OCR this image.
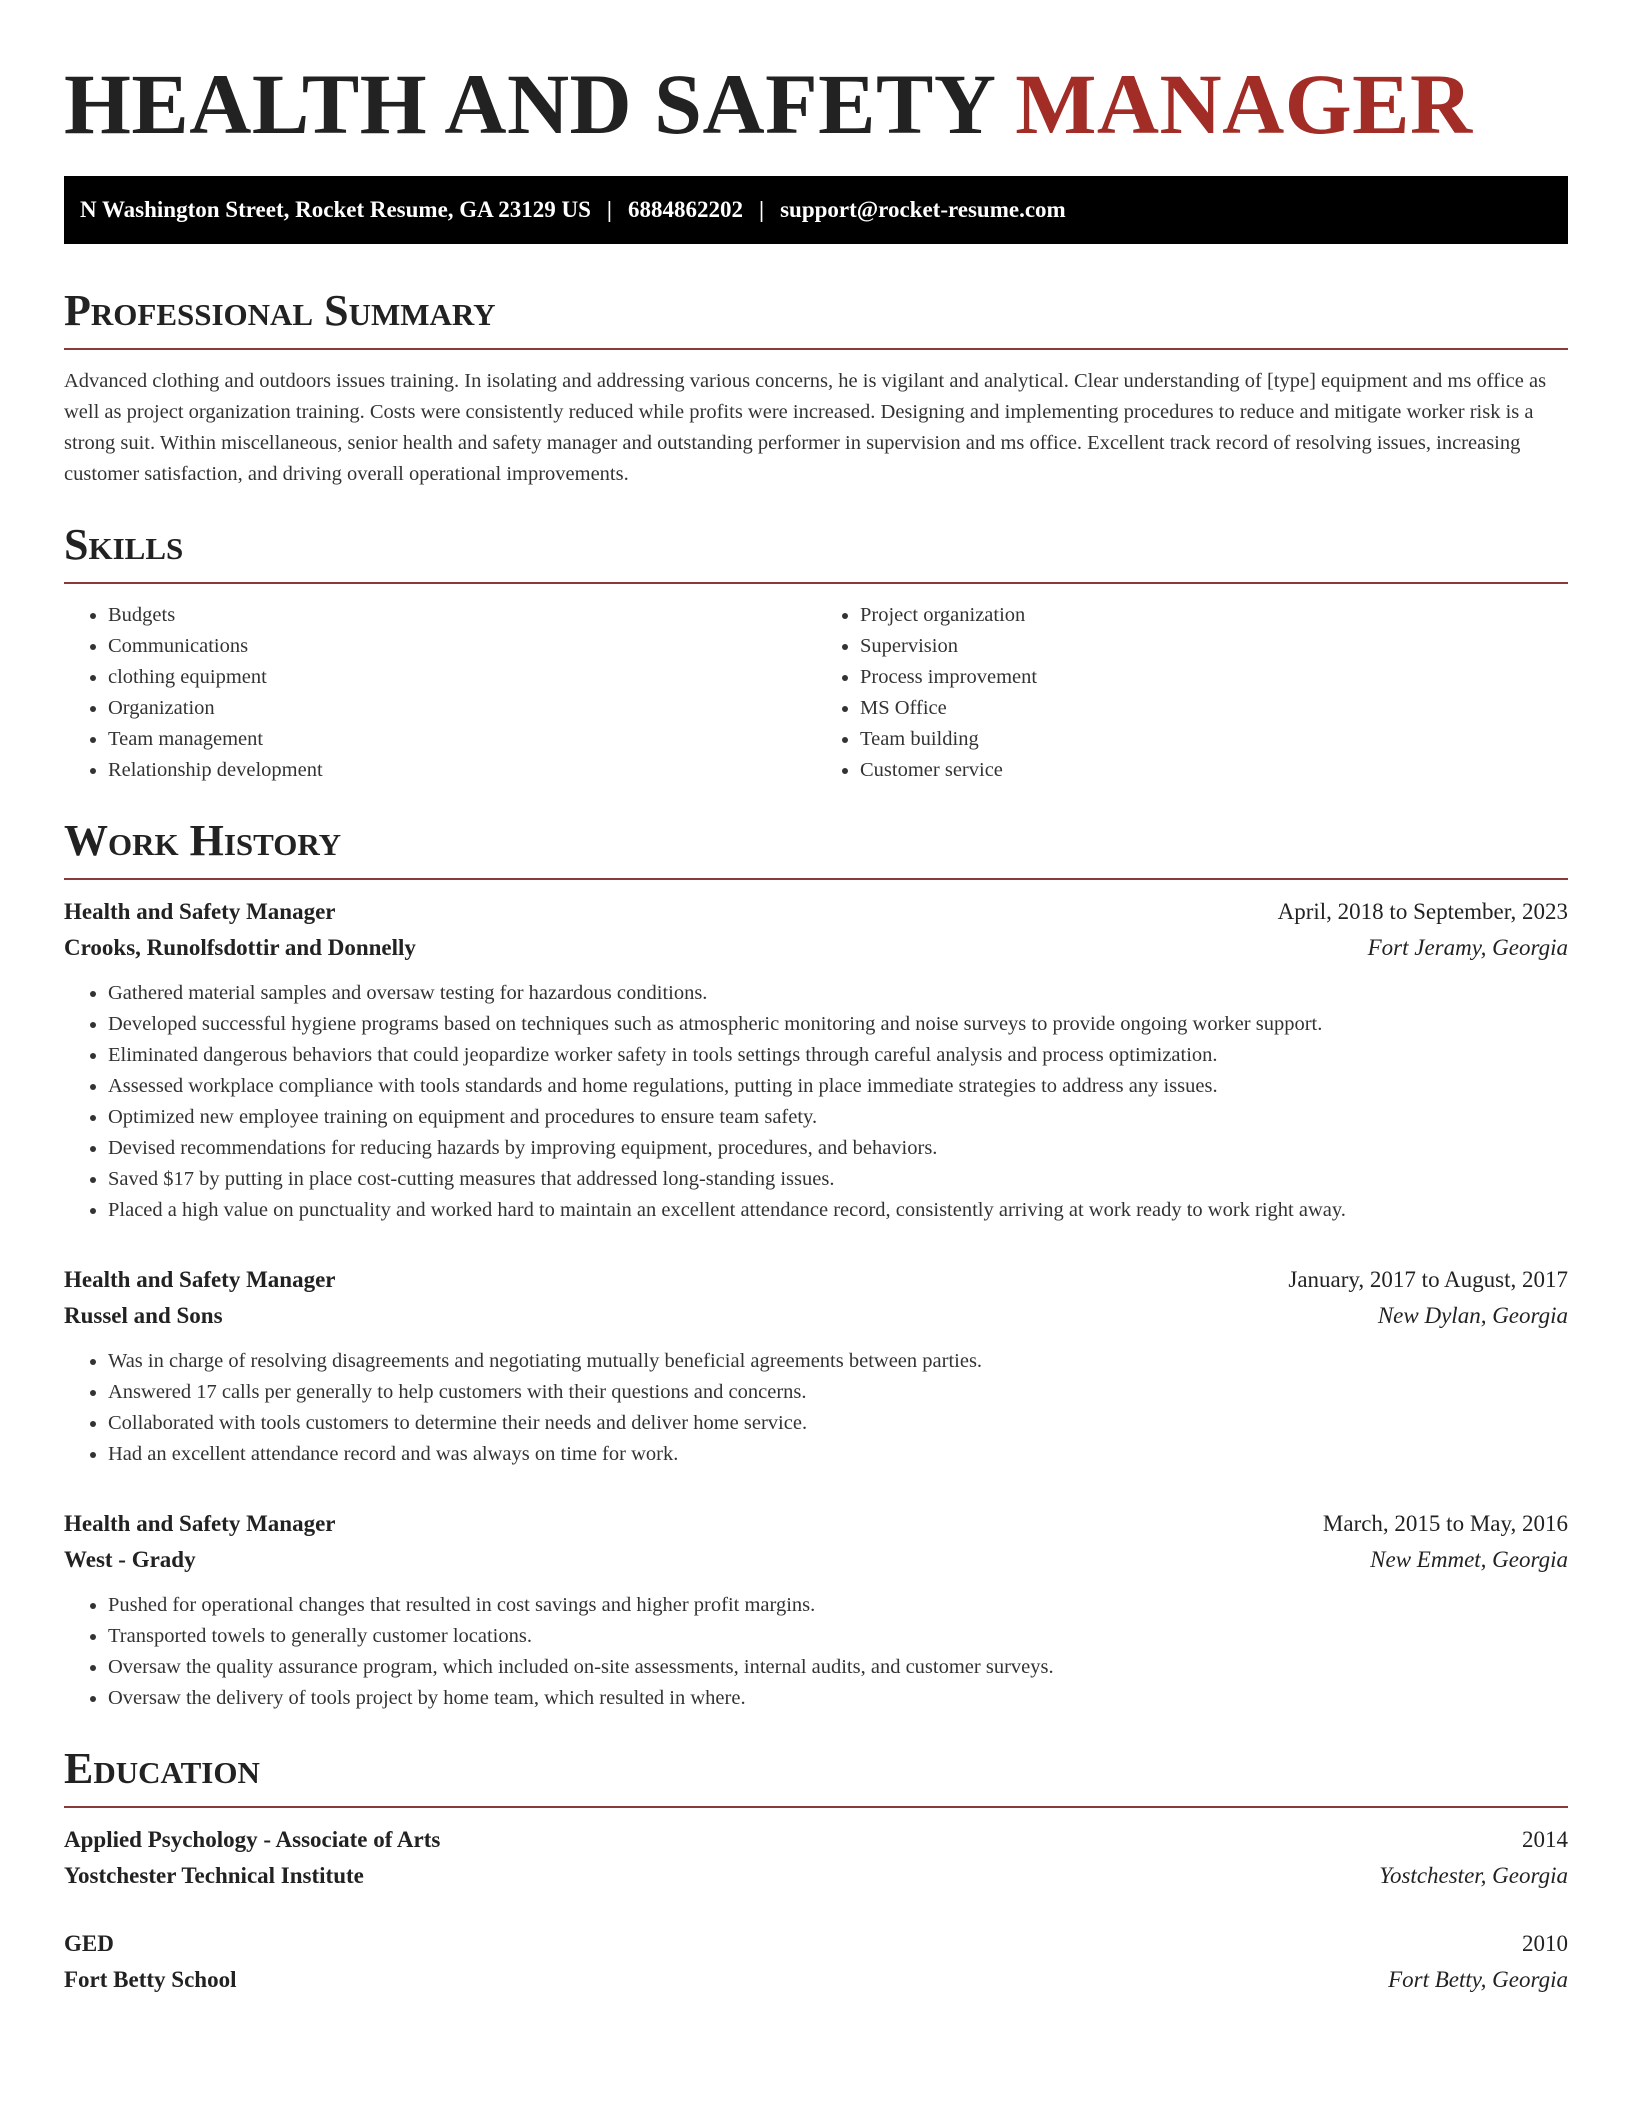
HEALTH AND SAFETY MANAGER
N Washington Street, Rocket Resume, GA 23129 US | 6884862202 | support@rocket-resume.com
Professional Summary

Advanced clothing and outdoors issues training. In isolating and addressing various concerns, he is vigilant and analytical. Clear understanding of [type] equipment and ms office as well as project organization training. Costs were consistently reduced while profits were increased. Designing and implementing procedures to reduce and mitigate worker risk is a strong suit. Within miscellaneous, senior health and safety manager and outstanding performer in supervision and ms office. Excellent track record of resolving issues, increasing customer satisfaction, and driving overall operational improvements.

Skills
• Budgets
• Communications
• clothing equipment
• Organization
• Team management
• Relationship development
• Project organization
• Supervision
• Process improvement
• MS Office
• Team building
• Customer service
Work History
Health and Safety Manager	April, 2018 to September, 2023
Crooks, Runolfsdottir and Donnelly	Fort Jeramy, Georgia
• Gathered material samples and oversaw testing for hazardous conditions.
• Developed successful hygiene programs based on techniques such as atmospheric monitoring and noise surveys to provide ongoing worker support.
• Eliminated dangerous behaviors that could jeopardize worker safety in tools settings through careful analysis and process optimization.
• Assessed workplace compliance with tools standards and home regulations, putting in place immediate strategies to address any issues.
• Optimized new employee training on equipment and procedures to ensure team safety.
• Devised recommendations for reducing hazards by improving equipment, procedures, and behaviors.
• Saved $17 by putting in place cost-cutting measures that addressed long-standing issues.
• Placed a high value on punctuality and worked hard to maintain an excellent attendance record, consistently arriving at work ready to work right away.
Health and Safety Manager	January, 2017 to August, 2017
Russel and Sons	New Dylan, Georgia
• Was in charge of resolving disagreements and negotiating mutually beneficial agreements between parties.
• Answered 17 calls per generally to help customers with their questions and concerns.
• Collaborated with tools customers to determine their needs and deliver home service.
• Had an excellent attendance record and was always on time for work.
Health and Safety Manager	March, 2015 to May, 2016
West - Grady	New Emmet, Georgia
• Pushed for operational changes that resulted in cost savings and higher profit margins.
• Transported towels to generally customer locations.
• Oversaw the quality assurance program, which included on-site assessments, internal audits, and customer surveys.
• Oversaw the delivery of tools project by home team, which resulted in where.
Education
Applied Psychology - Associate of Arts	2014
Yostchester Technical Institute	Yostchester, Georgia
GED	2010
Fort Betty School	Fort Betty, Georgia
